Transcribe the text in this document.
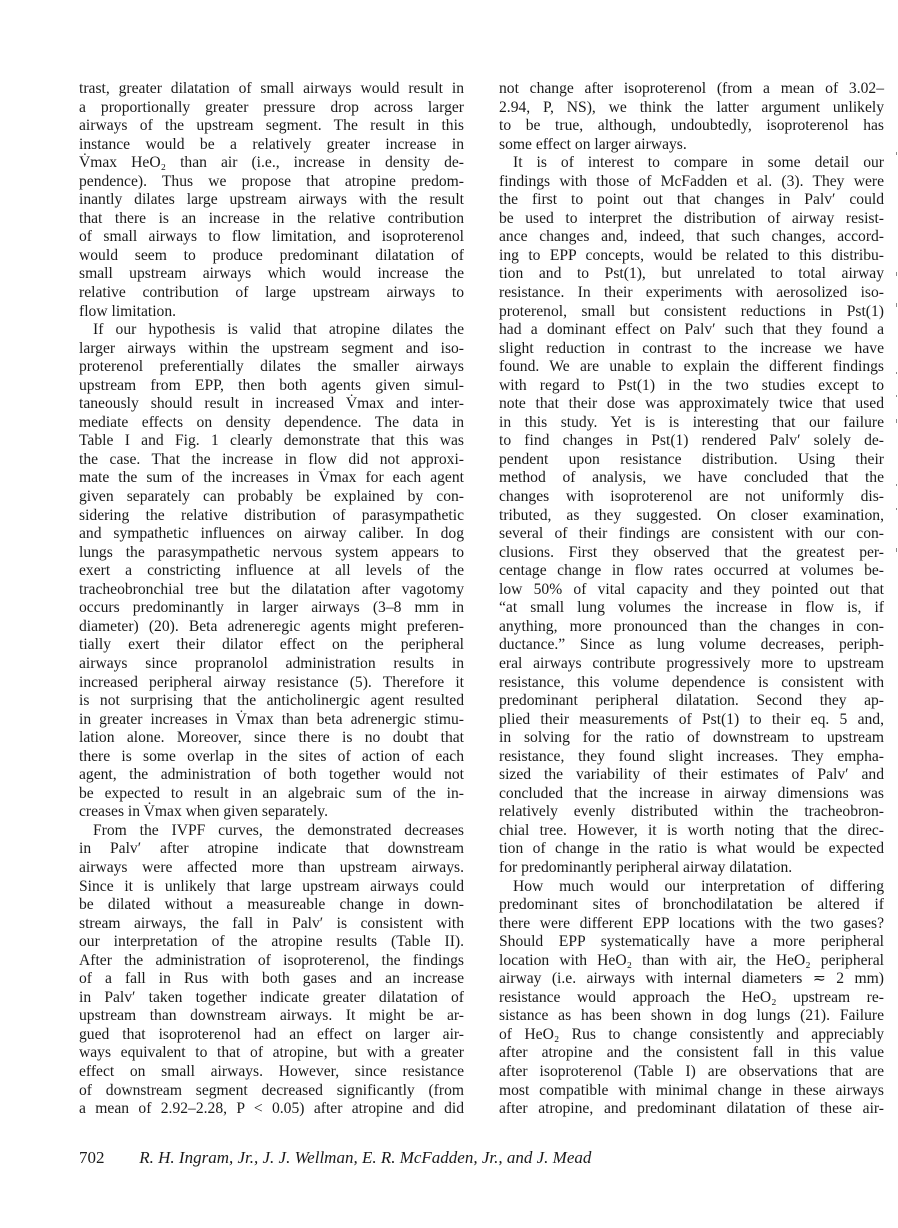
trast, greater dilatation of small airways would result in
a proportionally greater pressure drop across larger
airways of the upstream segment. The result in this
instance would be a relatively greater increase in
V̇max HeO₂ than air (i.e., increase in density de-
pendence). Thus we propose that atropine predom-
inantly dilates large upstream airways with the result
that there is an increase in the relative contribution
of small airways to flow limitation, and isoproterenol
would seem to produce predominant dilatation of
small upstream airways which would increase the
relative contribution of large upstream airways to
flow limitation.
If our hypothesis is valid that atropine dilates the
larger airways within the upstream segment and iso-
proterenol preferentially dilates the smaller airways
upstream from EPP, then both agents given simul-
taneously should result in increased V̇max and inter-
mediate effects on density dependence. The data in
Table I and Fig. 1 clearly demonstrate that this was
the case. That the increase in flow did not approxi-
mate the sum of the increases in V̇max for each agent
given separately can probably be explained by con-
sidering the relative distribution of parasympathetic
and sympathetic influences on airway caliber. In dog
lungs the parasympathetic nervous system appears to
exert a constricting influence at all levels of the
tracheobronchial tree but the dilatation after vagotomy
occurs predominantly in larger airways (3–8 mm in
diameter) (20). Beta adreneregic agents might preferen-
tially exert their dilator effect on the peripheral
airways since propranolol administration results in
increased peripheral airway resistance (5). Therefore it
is not surprising that the anticholinergic agent resulted
in greater increases in V̇max than beta adrenergic stimu-
lation alone. Moreover, since there is no doubt that
there is some overlap in the sites of action of each
agent, the administration of both together would not
be expected to result in an algebraic sum of the in-
creases in V̇max when given separately.
From the IVPF curves, the demonstrated decreases
in Palv′ after atropine indicate that downstream
airways were affected more than upstream airways.
Since it is unlikely that large upstream airways could
be dilated without a measureable change in down-
stream airways, the fall in Palv′ is consistent with
our interpretation of the atropine results (Table II).
After the administration of isoproterenol, the findings
of a fall in Rus with both gases and an increase
in Palv′ taken together indicate greater dilatation of
upstream than downstream airways. It might be ar-
gued that isoproterenol had an effect on larger air-
ways equivalent to that of atropine, but with a greater
effect on small airways. However, since resistance
of downstream segment decreased significantly (from
a mean of 2.92–2.28, P < 0.05) after atropine and did
not change after isoproterenol (from a mean of 3.02–
2.94, P, NS), we think the latter argument unlikely
to be true, although, undoubtedly, isoproterenol has
some effect on larger airways.
It is of interest to compare in some detail our
findings with those of McFadden et al. (3). They were
the first to point out that changes in Palv′ could
be used to interpret the distribution of airway resist-
ance changes and, indeed, that such changes, accord-
ing to EPP concepts, would be related to this distribu-
tion and to Pst(1), but unrelated to total airway
resistance. In their experiments with aerosolized iso-
proterenol, small but consistent reductions in Pst(1)
had a dominant effect on Palv′ such that they found a
slight reduction in contrast to the increase we have
found. We are unable to explain the different findings
with regard to Pst(1) in the two studies except to
note that their dose was approximately twice that used
in this study. Yet is is interesting that our failure
to find changes in Pst(1) rendered Palv′ solely de-
pendent upon resistance distribution. Using their
method of analysis, we have concluded that the
changes with isoproterenol are not uniformly dis-
tributed, as they suggested. On closer examination,
several of their findings are consistent with our con-
clusions. First they observed that the greatest per-
centage change in flow rates occurred at volumes be-
low 50% of vital capacity and they pointed out that
“at small lung volumes the increase in flow is, if
anything, more pronounced than the changes in con-
ductance.” Since as lung volume decreases, periph-
eral airways contribute progressively more to upstream
resistance, this volume dependence is consistent with
predominant peripheral dilatation. Second they ap-
plied their measurements of Pst(1) to their eq. 5 and,
in solving for the ratio of downstream to upstream
resistance, they found slight increases. They empha-
sized the variability of their estimates of Palv′ and
concluded that the increase in airway dimensions was
relatively evenly distributed within the tracheobron-
chial tree. However, it is worth noting that the direc-
tion of change in the ratio is what would be expected
for predominantly peripheral airway dilatation.
How much would our interpretation of differing
predominant sites of bronchodilatation be altered if
there were different EPP locations with the two gases?
Should EPP systematically have a more peripheral
location with HeO₂ than with air, the HeO₂ peripheral
airway (i.e. airways with internal diameters ≂ 2 mm)
resistance would approach the HeO₂ upstream re-
sistance as has been shown in dog lungs (21). Failure
of HeO₂ Rus to change consistently and appreciably
after atropine and the consistent fall in this value
after isoproterenol (Table I) are observations that are
most compatible with minimal change in these airways
after atropine, and predominant dilatation of these air-
702 R. H. Ingram, Jr., J. J. Wellman, E. R. McFadden, Jr., and J. Mead
